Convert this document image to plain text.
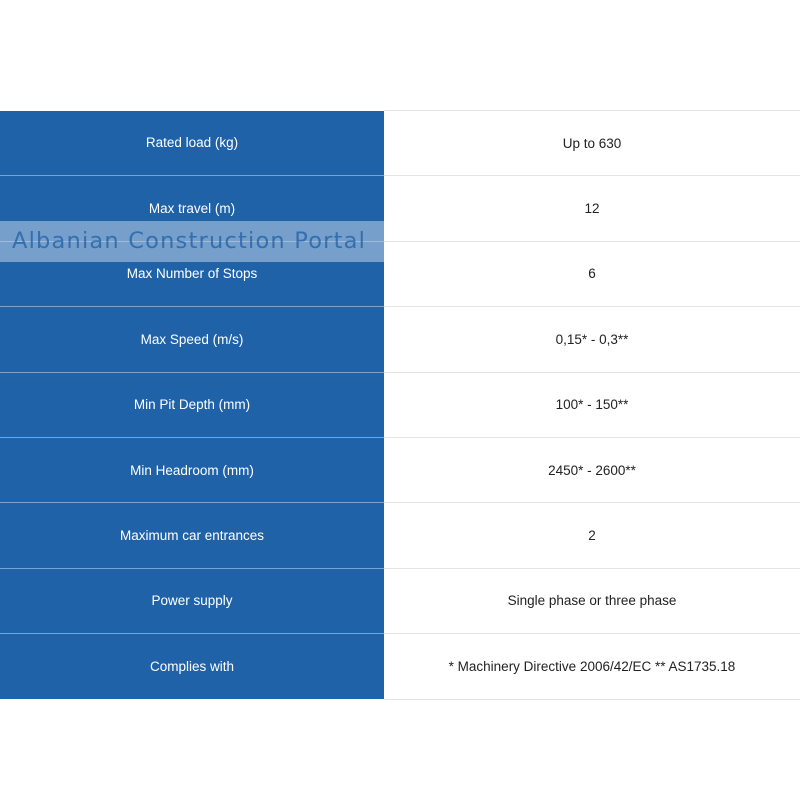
Rated load (kg)	Up to 630
Max travel (m)	12
Max Number of Stops	6
Max Speed (m/s)	0,15* - 0,3**
Min Pit Depth (mm)	100* - 150**
Min Headroom (mm)	2450* - 2600**
Maximum car entrances	2
Power supply	Single phase or three phase
Complies with	* Machinery Directive 2006/42/EC ** AS1735.18
Albanian Construction Portal
